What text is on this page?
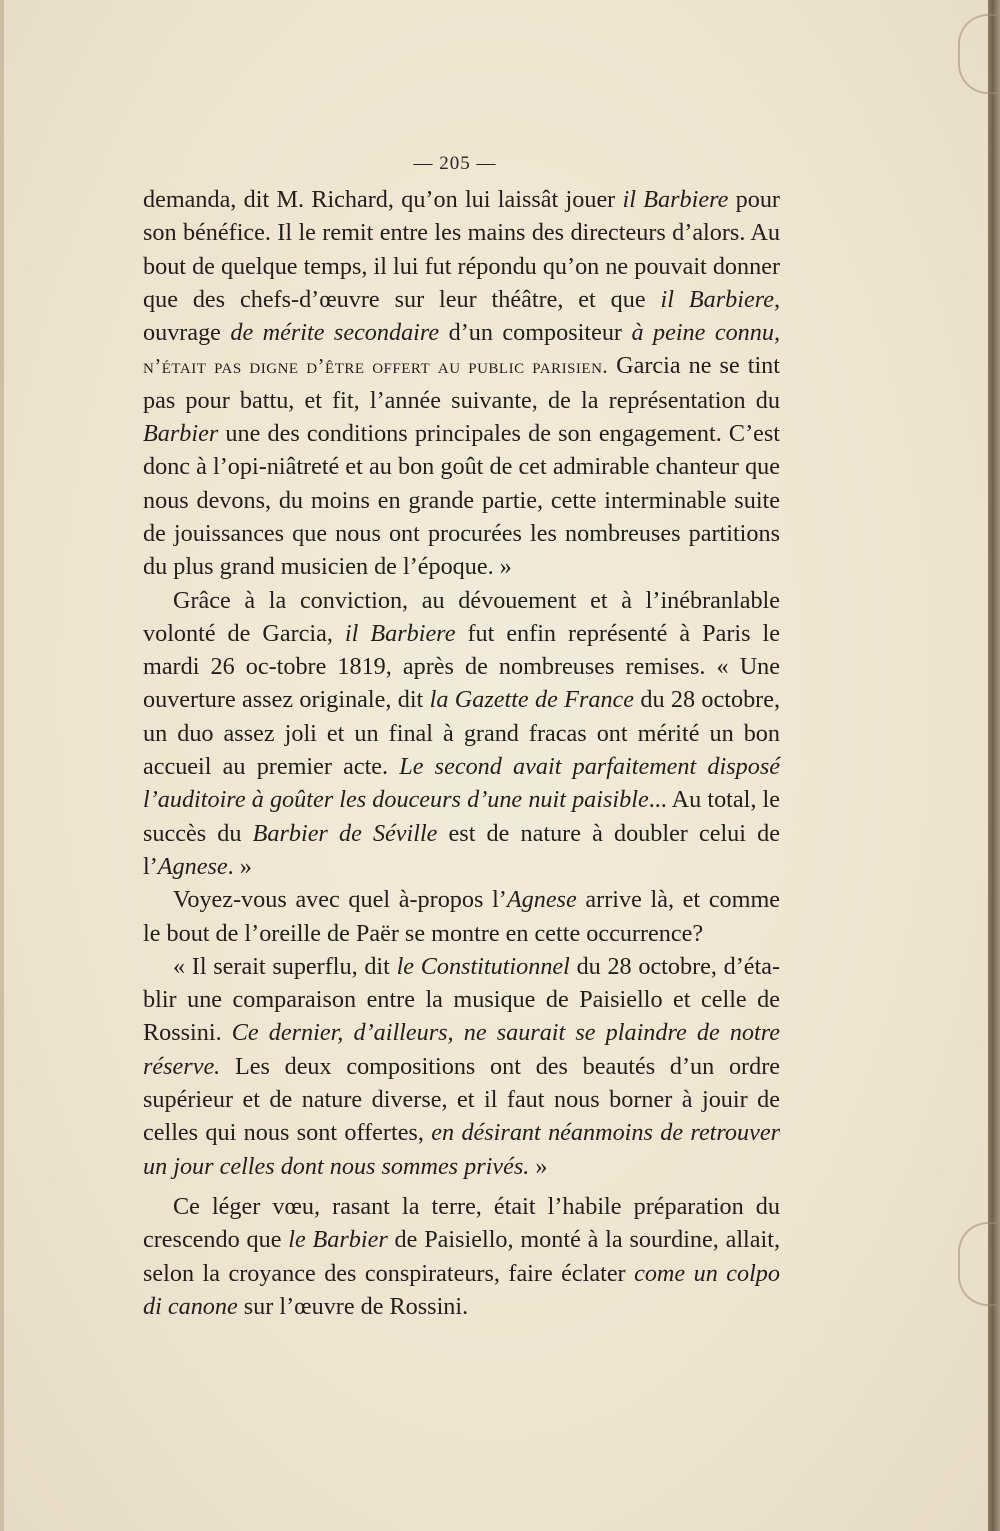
— 205 —

demanda, dit M. Richard, qu’on lui laissât jouer il Barbiere pour son bénéfice. Il le remit entre les mains des directeurs d’alors. Au bout de quelque temps, il lui fut répondu qu’on ne pouvait donner que des chefs-d’œuvre sur leur théâtre, et que il Barbiere, ouvrage de mérite secondaire d’un compositeur à peine connu, n’était pas digne d’être offert au public parisien. Garcia ne se tint pas pour battu, et fit, l’année suivante, de la représentation du Barbier une des conditions principales de son engagement. C’est donc à l’opi-niâtreté et au bon goût de cet admirable chanteur que nous devons, du moins en grande partie, cette interminable suite de jouissances que nous ont procurées les nombreuses partitions du plus grand musicien de l’époque. »

Grâce à la conviction, au dévouement et à l’inébranlable volonté de Garcia, il Barbiere fut enfin représenté à Paris le mardi 26 oc-tobre 1819, après de nombreuses remises. « Une ouverture assez originale, dit la Gazette de France du 28 octobre, un duo assez joli et un final à grand fracas ont mérité un bon accueil au premier acte. Le second avait parfaitement disposé l’auditoire à goûter les douceurs d’une nuit paisible... Au total, le succès du Barbier de Séville est de nature à doubler celui de l’Agnese. »

Voyez-vous avec quel à-propos l’Agnese arrive là, et comme le bout de l’oreille de Paër se montre en cette occurrence?

« Il serait superflu, dit le Constitutionnel du 28 octobre, d’éta-blir une comparaison entre la musique de Paisiello et celle de Rossini. Ce dernier, d’ailleurs, ne saurait se plaindre de notre réserve. Les deux compositions ont des beautés d’un ordre supérieur et de nature diverse, et il faut nous borner à jouir de celles qui nous sont offertes, en désirant néanmoins de retrouver un jour celles dont nous sommes privés. »

Ce léger vœu, rasant la terre, était l’habile préparation du crescendo que le Barbier de Paisiello, monté à la sourdine, allait, selon la croyance des conspirateurs, faire éclater come un colpo di canone sur l’œuvre de Rossini.
